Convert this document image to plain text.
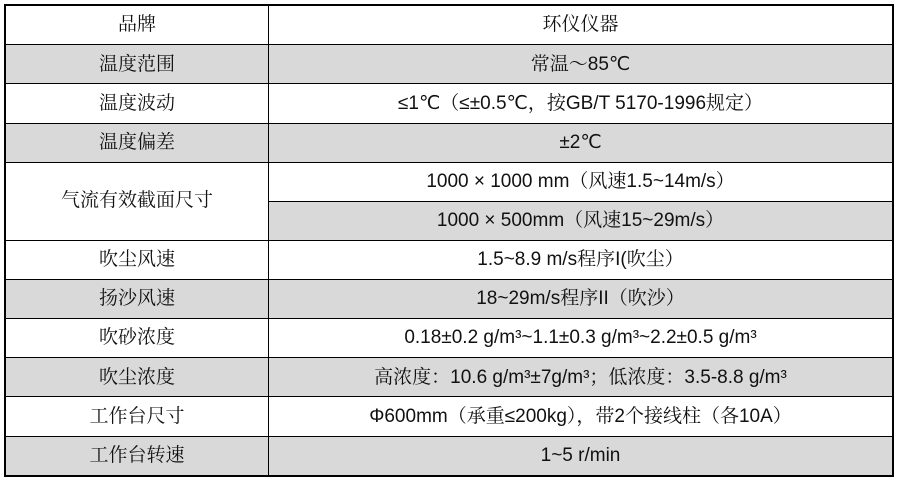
品牌	环仪仪器
温度范围	常温～85℃
温度波动	≤1℃（≤±0.5℃，按GB/T 5170-1996规定）
温度偏差	±2℃
气流有效截面尺寸	1000 × 1000 mm（风速1.5~14m/s）
	1000 × 500mm（风速15~29m/s）
吹尘风速	1.5~8.9 m/s程序I(吹尘）
扬沙风速	18~29m/s程序II（吹沙）
吹砂浓度	0.18±0.2 g/m³~1.1±0.3 g/m³~2.2±0.5 g/m³
吹尘浓度	高浓度：10.6 g/m³±7g/m³；低浓度：3.5-8.8 g/m³
工作台尺寸	Φ600mm（承重≤200kg），带2个接线柱（各10A）
工作台转速	1~5 r/min
